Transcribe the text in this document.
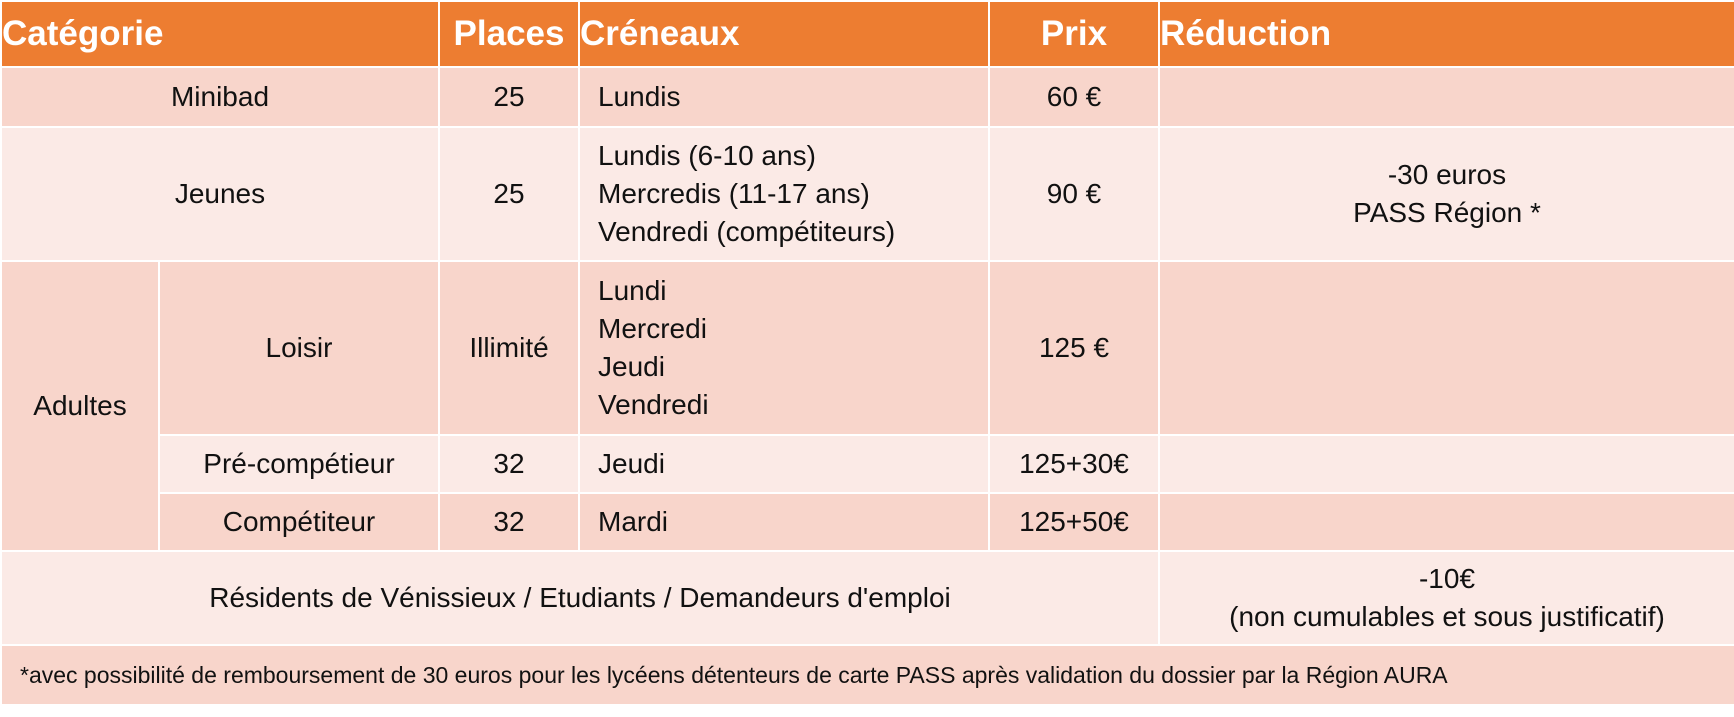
Catégorie		Places	Créneaux	Prix	Réduction
Minibad		25	Lundis	60 €	
Jeunes		25	Lundis (6-10 ans)
Mercredis (11-17 ans)
Vendredi (compétiteurs)	90 €	-30 euros
PASS Région *

Adultes	Loisir	Illimité	Lundi
Mercredi
Jeudi
Vendredi	125 €	
	Pré-compétieur	32	Jeudi	125+30€	
	Compétiteur	32	Mardi	125+50€	
Résidents de Vénissieux / Etudiants / Demandeurs d'emploi					-10€
(non cumulables et sous justificatif)

*avec possibilité de remboursement de 30 euros pour les lycéens détenteurs de carte PASS après validation du dossier par la Région AURA					
